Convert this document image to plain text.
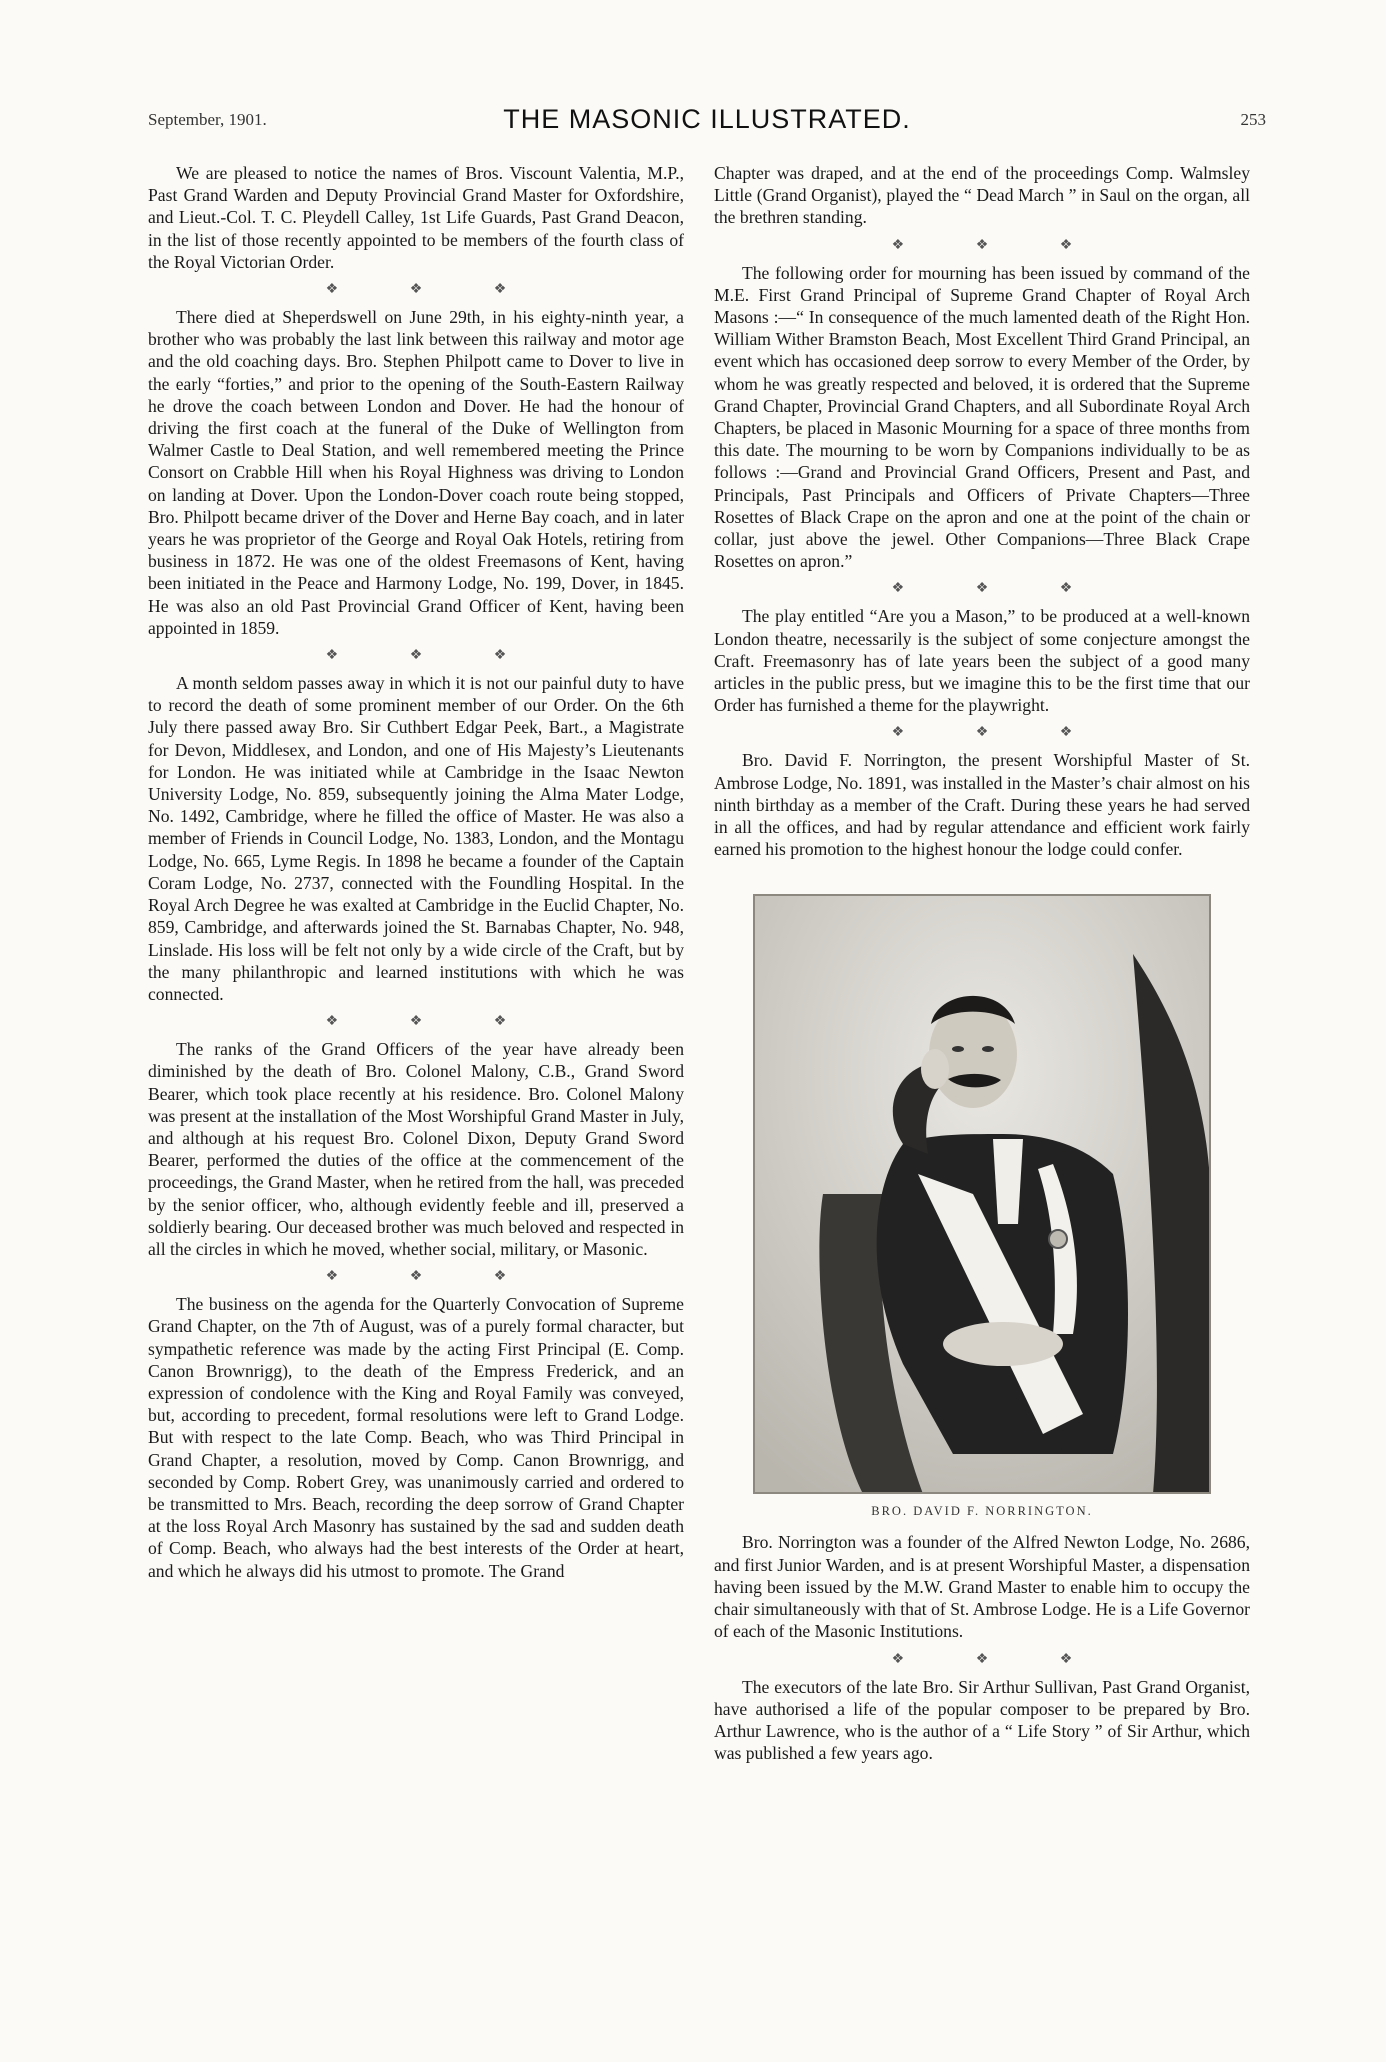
September, 1901.	THE MASONIC ILLUSTRATED.	253

We are pleased to notice the names of Bros. Viscount Valentia, M.P., Past Grand Warden and Deputy Provincial Grand Master for Oxfordshire, and Lieut.-Col. T. C. Pleydell Calley, 1st Life Guards, Past Grand Deacon, in the list of those recently appointed to be members of the fourth class of the Royal Victorian Order.

❖ ❖ ❖

There died at Sheperdswell on June 29th, in his eighty-ninth year, a brother who was probably the last link between this railway and motor age and the old coaching days. Bro. Stephen Philpott came to Dover to live in the early “forties,” and prior to the opening of the South-Eastern Railway he drove the coach between London and Dover. He had the honour of driving the first coach at the funeral of the Duke of Wellington from Walmer Castle to Deal Station, and well remembered meeting the Prince Consort on Crabble Hill when his Royal Highness was driving to London on landing at Dover. Upon the London-Dover coach route being stopped, Bro. Philpott became driver of the Dover and Herne Bay coach, and in later years he was proprietor of the George and Royal Oak Hotels, retiring from business in 1872. He was one of the oldest Freemasons of Kent, having been initiated in the Peace and Harmony Lodge, No. 199, Dover, in 1845. He was also an old Past Provincial Grand Officer of Kent, having been appointed in 1859.

❖ ❖ ❖

A month seldom passes away in which it is not our painful duty to have to record the death of some prominent member of our Order. On the 6th July there passed away Bro. Sir Cuthbert Edgar Peek, Bart., a Magistrate for Devon, Middlesex, and London, and one of His Majesty’s Lieutenants for London. He was initiated while at Cambridge in the Isaac Newton University Lodge, No. 859, subsequently joining the Alma Mater Lodge, No. 1492, Cambridge, where he filled the office of Master. He was also a member of Friends in Council Lodge, No. 1383, London, and the Montagu Lodge, No. 665, Lyme Regis. In 1898 he became a founder of the Captain Coram Lodge, No. 2737, connected with the Foundling Hospital. In the Royal Arch Degree he was exalted at Cambridge in the Euclid Chapter, No. 859, Cambridge, and afterwards joined the St. Barnabas Chapter, No. 948, Linslade. His loss will be felt not only by a wide circle of the Craft, but by the many philanthropic and learned institutions with which he was connected.

❖ ❖ ❖

The ranks of the Grand Officers of the year have already been diminished by the death of Bro. Colonel Malony, C.B., Grand Sword Bearer, which took place recently at his residence. Bro. Colonel Malony was present at the installation of the Most Worshipful Grand Master in July, and although at his request Bro. Colonel Dixon, Deputy Grand Sword Bearer, performed the duties of the office at the commencement of the proceedings, the Grand Master, when he retired from the hall, was preceded by the senior officer, who, although evidently feeble and ill, preserved a soldierly bearing. Our deceased brother was much beloved and respected in all the circles in which he moved, whether social, military, or Masonic.

❖ ❖ ❖

The business on the agenda for the Quarterly Convocation of Supreme Grand Chapter, on the 7th of August, was of a purely formal character, but sympathetic reference was made by the acting First Principal (E. Comp. Canon Brownrigg), to the death of the Empress Frederick, and an expression of condolence with the King and Royal Family was conveyed, but, according to precedent, formal resolutions were left to Grand Lodge. But with respect to the late Comp. Beach, who was Third Principal in Grand Chapter, a resolution, moved by Comp. Canon Brownrigg, and seconded by Comp. Robert Grey, was unanimously carried and ordered to be transmitted to Mrs. Beach, recording the deep sorrow of Grand Chapter at the loss Royal Arch Masonry has sustained by the sad and sudden death of Comp. Beach, who always had the best interests of the Order at heart, and which he always did his utmost to promote. The Grand

Chapter was draped, and at the end of the proceedings Comp. Walmsley Little (Grand Organist), played the “ Dead March ” in Saul on the organ, all the brethren standing.

❖ ❖ ❖

The following order for mourning has been issued by command of the M.E. First Grand Principal of Supreme Grand Chapter of Royal Arch Masons :—“ In consequence of the much lamented death of the Right Hon. William Wither Bramston Beach, Most Excellent Third Grand Principal, an event which has occasioned deep sorrow to every Member of the Order, by whom he was greatly respected and beloved, it is ordered that the Supreme Grand Chapter, Provincial Grand Chapters, and all Subordinate Royal Arch Chapters, be placed in Masonic Mourning for a space of three months from this date. The mourning to be worn by Companions individually to be as follows :—Grand and Provincial Grand Officers, Present and Past, and Principals, Past Principals and Officers of Private Chapters—Three Rosettes of Black Crape on the apron and one at the point of the chain or collar, just above the jewel. Other Companions—Three Black Crape Rosettes on apron.”

❖ ❖ ❖

The play entitled “Are you a Mason,” to be produced at a well-known London theatre, necessarily is the subject of some conjecture amongst the Craft. Freemasonry has of late years been the subject of a good many articles in the public press, but we imagine this to be the first time that our Order has furnished a theme for the playwright.

❖ ❖ ❖

Bro. David F. Norrington, the present Worshipful Master of St. Ambrose Lodge, No. 1891, was installed in the Master’s chair almost on his ninth birthday as a member of the Craft. During these years he had served in all the offices, and had by regular attendance and efficient work fairly earned his promotion to the highest honour the lodge could confer.

BRO. DAVID F. NORRINGTON.

Bro. Norrington was a founder of the Alfred Newton Lodge, No. 2686, and first Junior Warden, and is at present Worshipful Master, a dispensation having been issued by the M.W. Grand Master to enable him to occupy the chair simultaneously with that of St. Ambrose Lodge. He is a Life Governor of each of the Masonic Institutions.

❖ ❖ ❖

The executors of the late Bro. Sir Arthur Sullivan, Past Grand Organist, have authorised a life of the popular composer to be prepared by Bro. Arthur Lawrence, who is the author of a “ Life Story ” of Sir Arthur, which was published a few years ago.
